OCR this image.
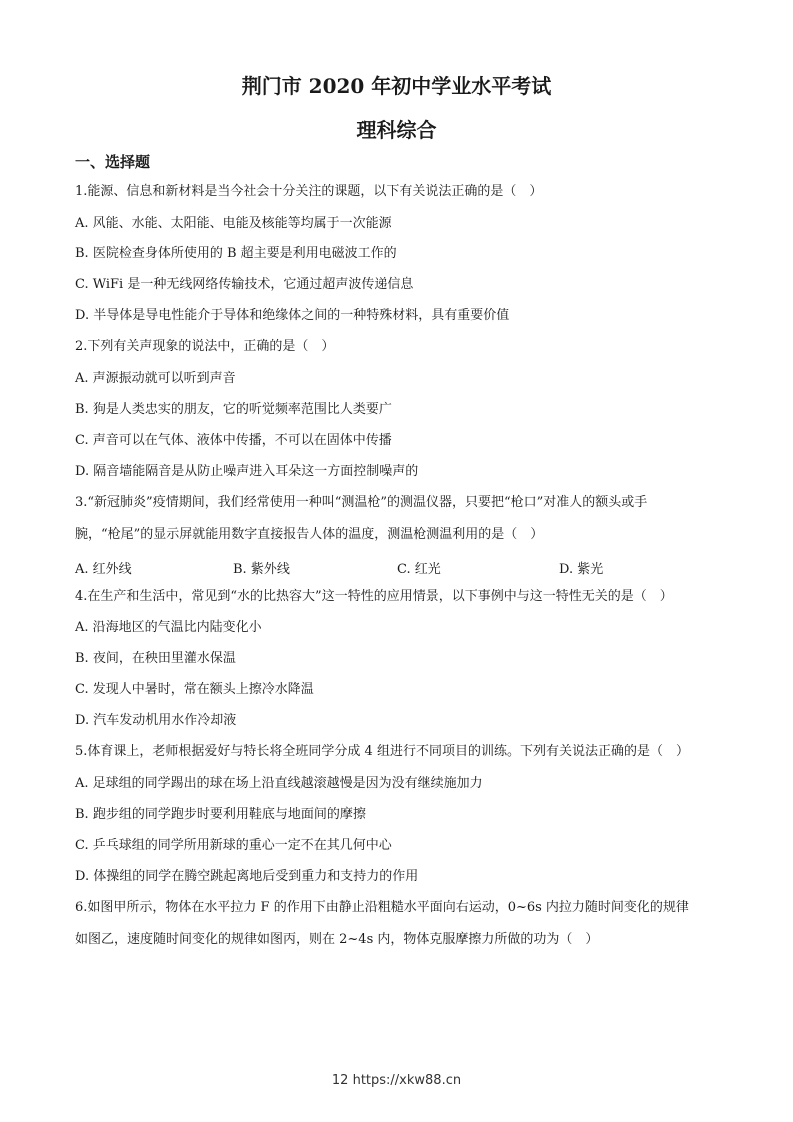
荆门市 2020 年初中学业水平考试
理科综合
一、选择题
1.能源、信息和新材料是当今社会十分关注的课题，以下有关说法正确的是（　）
A. 风能、水能、太阳能、电能及核能等均属于一次能源
B. 医院检查身体所使用的 B 超主要是利用电磁波工作的
C. WiFi 是一种无线网络传输技术，它通过超声波传递信息
D. 半导体是导电性能介于导体和绝缘体之间的一种特殊材料，具有重要价值
2.下列有关声现象的说法中，正确的是（　）
A. 声源振动就可以听到声音
B. 狗是人类忠实的朋友，它的听觉频率范围比人类要广
C. 声音可以在气体、液体中传播，不可以在固体中传播
D. 隔音墙能隔音是从防止噪声进入耳朵这一方面控制噪声的
3.“新冠肺炎”疫情期间，我们经常使用一种叫“测温枪”的测温仪器，只要把“枪口”对准人的额头或手
腕，“枪尾”的显示屏就能用数字直接报告人体的温度，测温枪测温利用的是（　）
A. 红外线	B. 紫外线	C. 红光	D. 紫光
4.在生产和生活中，常见到“水的比热容大”这一特性的应用情景，以下事例中与这一特性无关的是（　）
A. 沿海地区的气温比内陆变化小
B. 夜间，在秧田里灌水保温
C. 发现人中暑时，常在额头上擦冷水降温
D. 汽车发动机用水作冷却液
5.体育课上，老师根据爱好与特长将全班同学分成 4 组进行不同项目的训练。下列有关说法正确的是（　）
A. 足球组的同学踢出的球在场上沿直线越滚越慢是因为没有继续施加力
B. 跑步组的同学跑步时要利用鞋底与地面间的摩擦
C. 乒乓球组的同学所用新球的重心一定不在其几何中心
D. 体操组的同学在腾空跳起离地后受到重力和支持力的作用
6.如图甲所示，物体在水平拉力 F 的作用下由静止沿粗糙水平面向右运动，0~6s 内拉力随时间变化的规律
如图乙，速度随时间变化的规律如图丙，则在 2~4s 内，物体克服摩擦力所做的功为（　）
12 https://xkw88.cn
